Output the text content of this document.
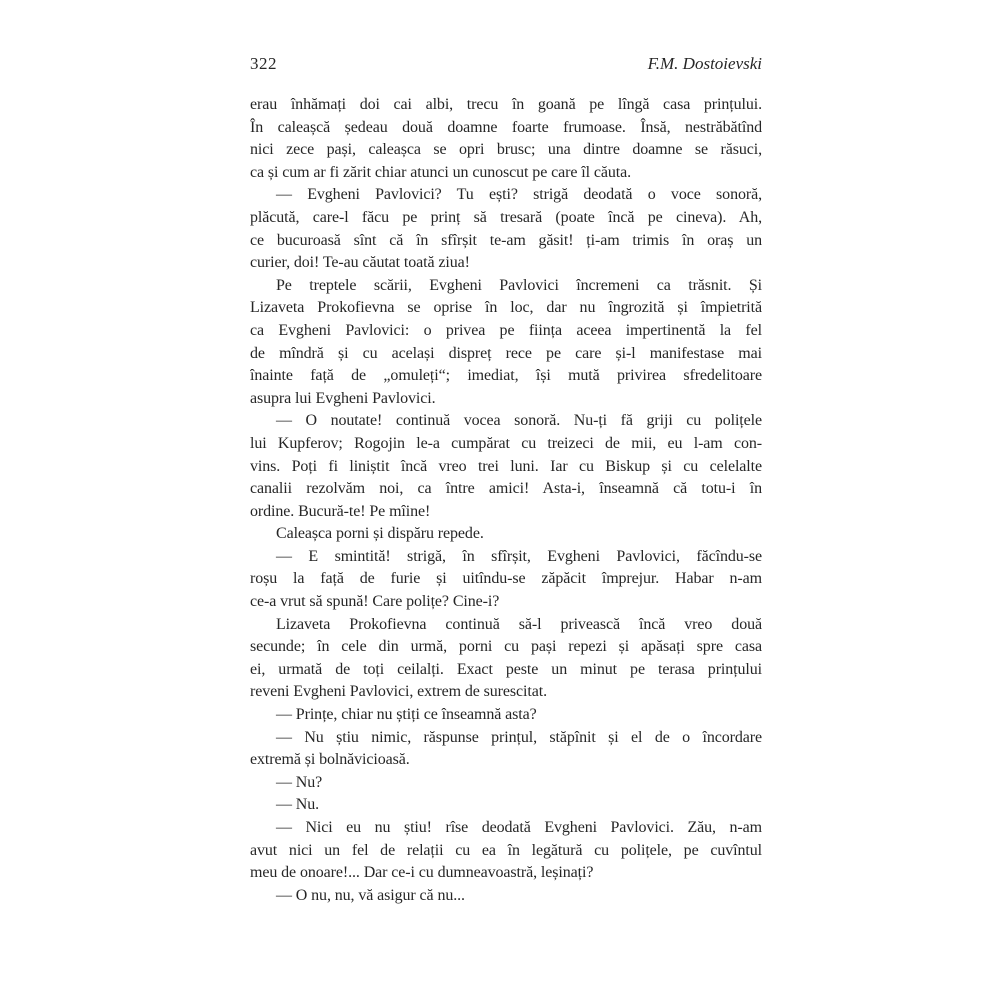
322	F.M. Dostoievski
erau înhămați doi cai albi, trecu în goană pe lîngă casa prințului.
În caleașcă ședeau două doamne foarte frumoase. Însă, nestrăbătînd
nici zece pași, caleașca se opri brusc; una dintre doamne se răsuci,
ca și cum ar fi zărit chiar atunci un cunoscut pe care îl căuta.
— Evgheni Pavlovici? Tu ești? strigă deodată o voce sonoră,
plăcută, care-l făcu pe prinț să tresară (poate încă pe cineva). Ah,
ce bucuroasă sînt că în sfîrșit te-am găsit! ți-am trimis în oraș un
curier, doi! Te-au căutat toată ziua!
Pe treptele scării, Evgheni Pavlovici încremeni ca trăsnit. Și
Lizaveta Prokofievna se oprise în loc, dar nu îngrozită și împietrită
ca Evgheni Pavlovici: o privea pe ființa aceea impertinentă la fel
de mîndră și cu același dispreț rece pe care și-l manifestase mai
înainte față de „omuleți“; imediat, își mută privirea sfredelitoare
asupra lui Evgheni Pavlovici.
— O noutate! continuă vocea sonoră. Nu-ți fă griji cu polițele
lui Kupferov; Rogojin le-a cumpărat cu treizeci de mii, eu l-am con-
vins. Poți fi liniștit încă vreo trei luni. Iar cu Biskup și cu celelalte
canalii rezolvăm noi, ca între amici! Asta-i, înseamnă că totu-i în
ordine. Bucură-te! Pe mîine!
Caleașca porni și dispăru repede.
— E smintită! strigă, în sfîrșit, Evgheni Pavlovici, făcîndu-se
roșu la față de furie și uitîndu-se zăpăcit împrejur. Habar n-am
ce-a vrut să spună! Care polițe? Cine-i?
Lizaveta Prokofievna continuă să-l privească încă vreo două
secunde; în cele din urmă, porni cu pași repezi și apăsați spre casa
ei, urmată de toți ceilalți. Exact peste un minut pe terasa prințului
reveni Evgheni Pavlovici, extrem de surescitat.
— Prințe, chiar nu știți ce înseamnă asta?
— Nu știu nimic, răspunse prințul, stăpînit și el de o încordare
extremă și bolnăvicioasă.
— Nu?
— Nu.
— Nici eu nu știu! rîse deodată Evgheni Pavlovici. Zău, n-am
avut nici un fel de relații cu ea în legătură cu polițele, pe cuvîntul
meu de onoare!... Dar ce-i cu dumneavoastră, leșinați?
— O nu, nu, vă asigur că nu...
